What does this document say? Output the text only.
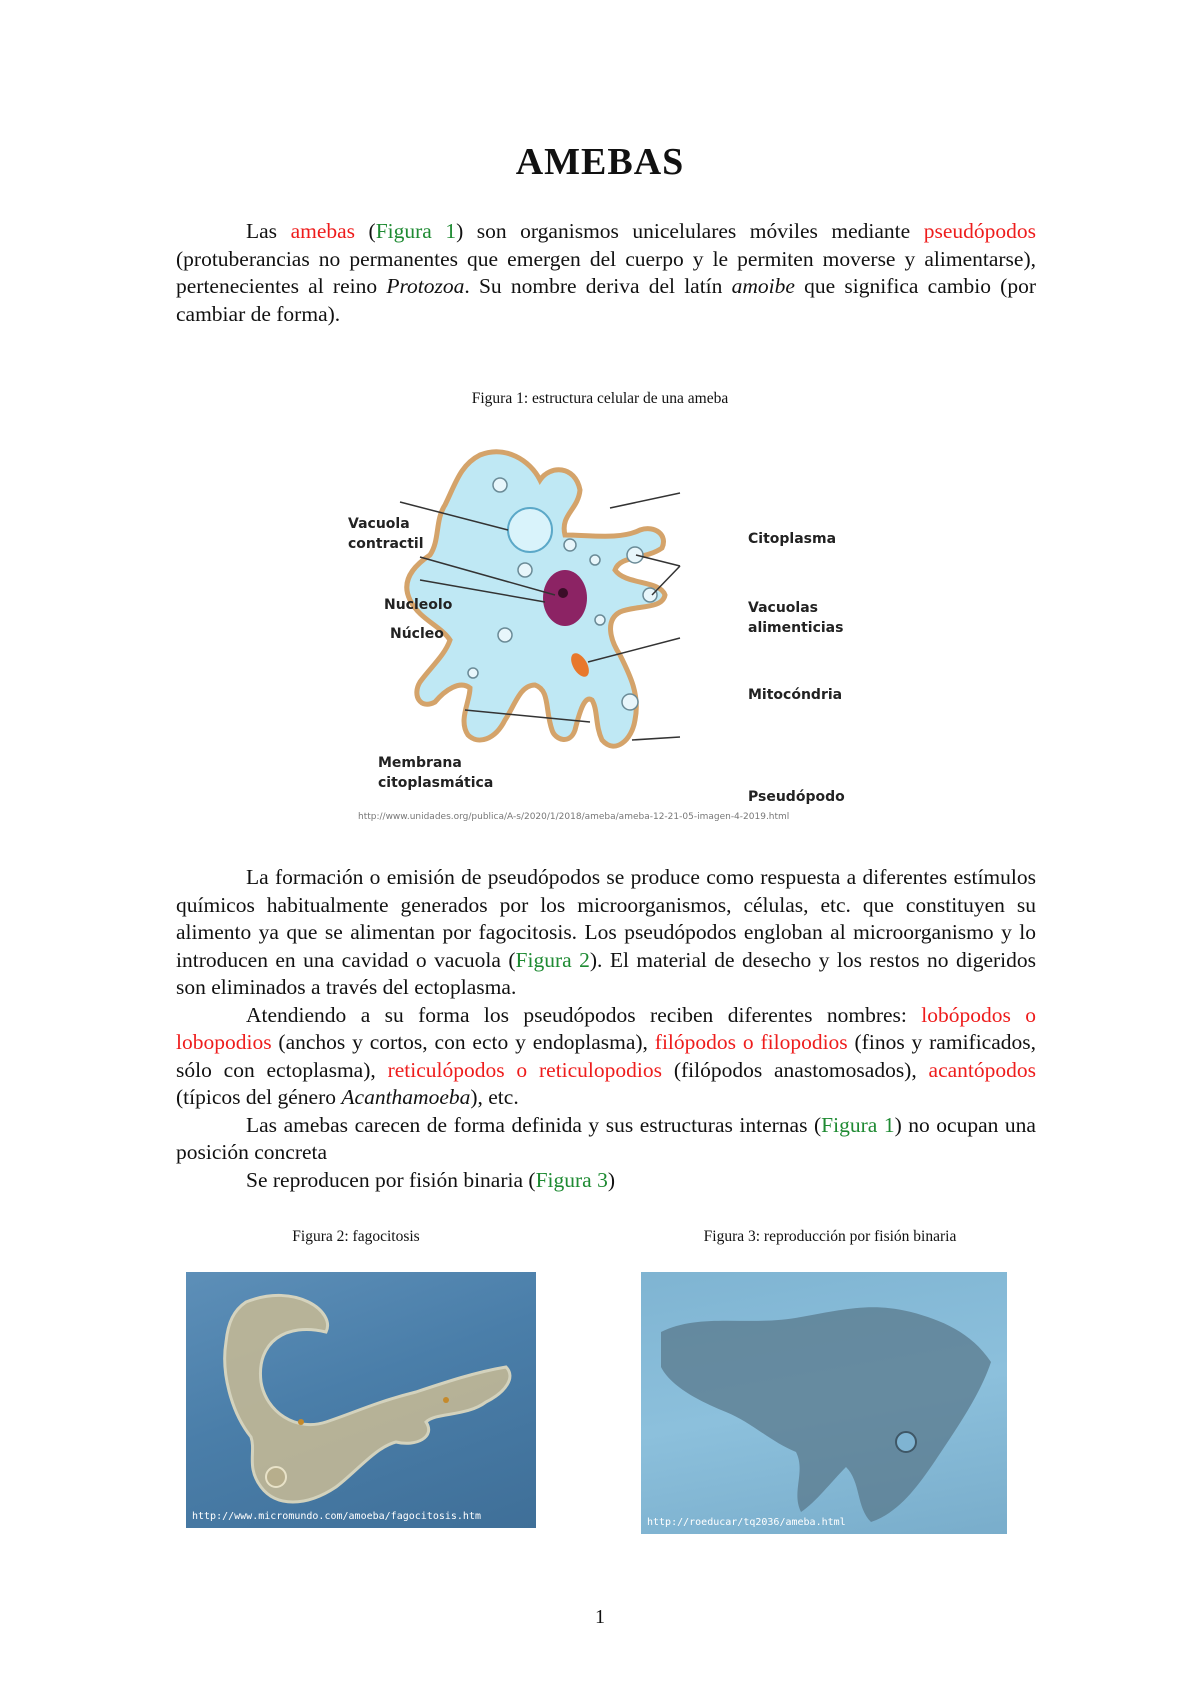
AMEBAS

Las amebas (Figura 1) son organismos unicelulares móviles mediante pseudópodos (protuberancias no permanentes que emergen del cuerpo y le permiten moverse y alimentarse), pertenecientes al reino Protozoa. Su nombre deriva del latín amoibe que significa cambio (por cambiar de forma).

Figura 1: estructura celular de una ameba
Vacuola contractil
Nucleolo
Núcleo
Membrana citoplasmática
Citoplasma
Vacuolas alimenticias
Mitocóndria
Pseudópodo
http://www.unidades.org/publica/A-s/2020/1/2018/ameba/ameba-12-21-05-imagen-4-2019.html

La formación o emisión de pseudópodos se produce como respuesta a diferentes estímulos químicos habitualmente generados por los microorganismos, células, etc. que constituyen su alimento ya que se alimentan por fagocitosis. Los pseudópodos engloban al microorganismo y lo introducen en una cavidad o vacuola (Figura 2). El material de desecho y los restos no digeridos son eliminados a través del ectoplasma.

Atendiendo a su forma los pseudópodos reciben diferentes nombres: lobópodos o lobopodios (anchos y cortos, con ecto y endoplasma), filópodos o filopodios (finos y ramificados, sólo con ectoplasma), reticulópodos o reticulopodios (filópodos anastomosados), acantópodos (típicos del género Acanthamoeba), etc.

Las amebas carecen de forma definida y sus estructuras internas (Figura 1) no ocupan una posición concreta

Se reproducen por fisión binaria (Figura 3)

Figura 2: fagocitosis
http://www.micromundo.com/amoeba/fagocitosis.htm
Figura 3: reproducción por fisión binaria
http://roeducar/tq2036/ameba.html
1
